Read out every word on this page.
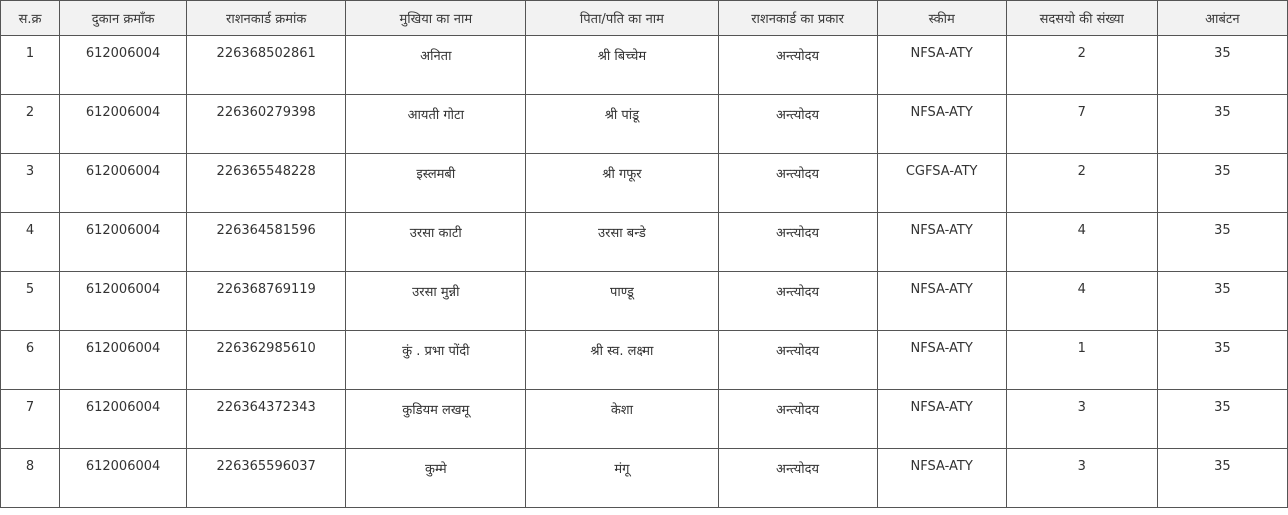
स.क्र	दुकान क्रमाँक	राशनकार्ड क्रमांक	मुखिया का नाम	पिता/पति का नाम	राशनकार्ड का प्रकार	स्कीम	सदसयो की संख्या	आबंटन
1	612006004	226368502861	अनिता	श्री बिच्चेम	अन्त्योदय	NFSA-ATY	2	35
2	612006004	226360279398	आयती गोटा	श्री पांडू	अन्त्योदय	NFSA-ATY	7	35
3	612006004	226365548228	इस्लमबी	श्री गफूर	अन्त्योदय	CGFSA-ATY	2	35
4	612006004	226364581596	उरसा काटी	उरसा बन्डे	अन्त्योदय	NFSA-ATY	4	35
5	612006004	226368769119	उरसा मुन्नी	पाण्डू	अन्त्योदय	NFSA-ATY	4	35
6	612006004	226362985610	कुं . प्रभा पोंदी	श्री स्व. लक्ष्मा	अन्त्योदय	NFSA-ATY	1	35
7	612006004	226364372343	कुडियम लखमू	केशा	अन्त्योदय	NFSA-ATY	3	35
8	612006004	226365596037	कुम्मे	मंगू	अन्त्योदय	NFSA-ATY	3	35
